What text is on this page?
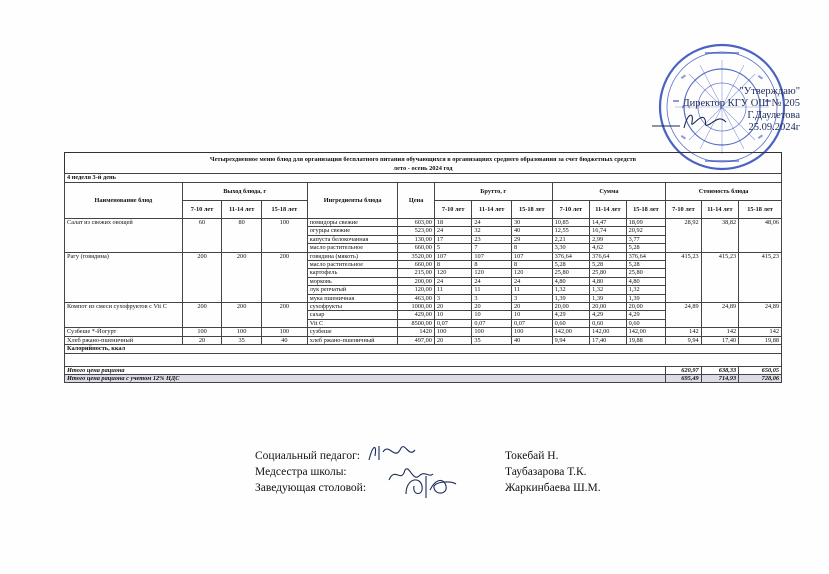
"Утверждаю"
Директор КГУ ОШ № 205
Г.Даулетова
25.09.2024г
Четырехдневное меню блюд для организации бесплатного питания обучающихся в организациях среднего образования за счет бюджетных средств
лето - осень 2024 год
4 неделя 3-й день														
Наименование блюд	Выход блюда, г			Ингредиенты блюда	Цена	Брутто, г			Сумма			Стоимость блюда		
	7-10 лет	11-14 лет	15-18 лет			7-10 лет	11-14 лет	15-18 лет	7-10 лет	11-14 лет	15-18 лет	7-10 лет	11-14 лет	15-18 лет
Салат из свежих овощей	60	80	100	помидоры свежие	603,00	18	24	30	10,85	14,47	18,09	28,92	38,82	48,06
				огурцы свежие	523,00	24	32	40	12,55	16,74	20,92			
				капуста белокочанная	130,00	17	23	29	2,21	2,99	3,77			
				масло растительное	660,00	5	7	8	3,30	4,62	5,28			
Рагу (говядина)	200	200	200	говядина (мякоть)	3520,00	107	107	107	376,64	376,64	376,64	415,23	415,23	415,23
				масло растительное	660,00	8	8	8	5,28	5,28	5,28			
				картофель	215,00	120	120	120	25,80	25,80	25,80			
				морковь	200,00	24	24	24	4,80	4,80	4,80			
				лук репчатый	120,00	11	11	11	1,32	1,32	1,32			
				мука пшеничная	463,00	3	3	3	1,39	1,39	1,39			
Компот из смеси сухофруктов с Vit C	200	200	200	сухофрукты	1000,00	20	20	20	20,00	20,00	20,00	24,89	24,89	24,89
				сахар	429,00	10	10	10	4,29	4,29	4,29			
				Vit C	8500,00	0,07	0,07	0,07	0,60	0,60	0,60			
Сузбеше *-Йогурт	100	100	100	сузбеше	1420	100	100	100	142,00	142,00	142,00	142	142	142
Хлеб ржано-пшеничный	20	35	40	хлеб ржано-пшеничный	497,00	20	35	40	9,94	17,40	19,88	9,94	17,40	19,88
Калорийность, ккал														

Итого цена рациона												620,97	638,33	650,05
Итого цена рациона с учетом 12% НДС												695,49	714,93	728,06
Социальный педагог:	Токебай Н.
Медсестра школы:	Таубазарова Т.К.
Заведующая столовой:	Жаркинбаева Ш.М.
